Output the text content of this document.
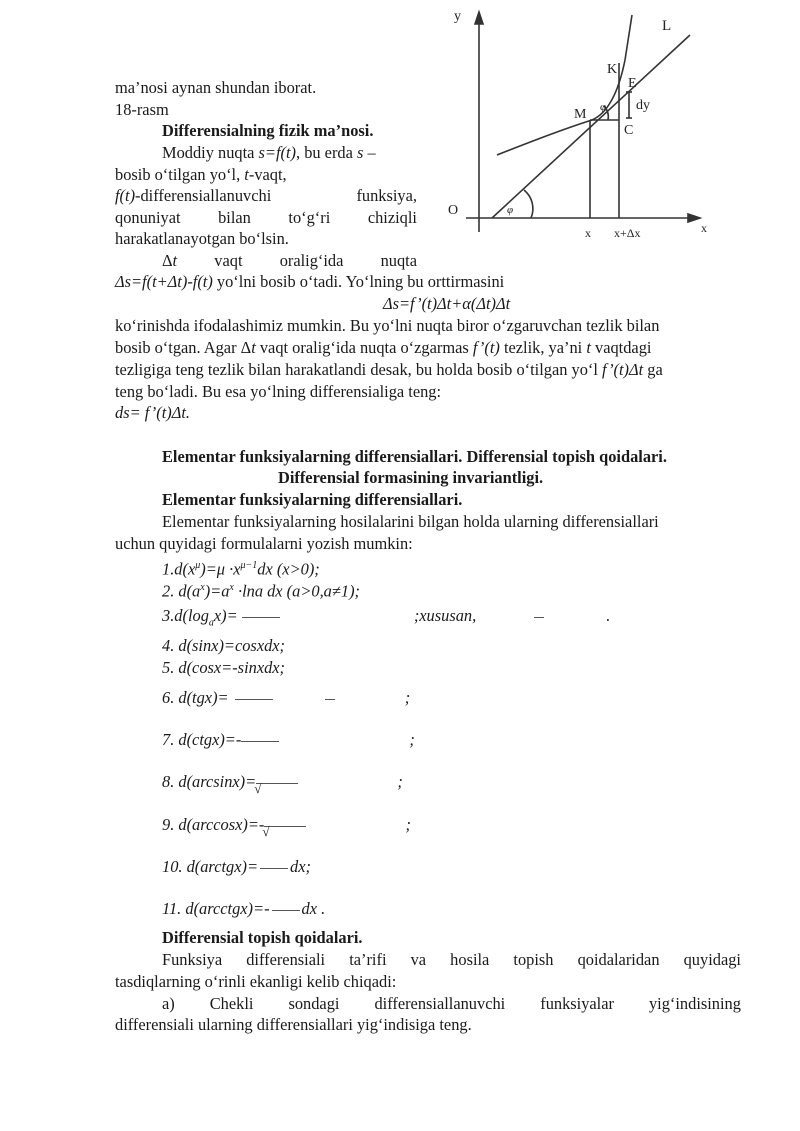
y
L
K
E
M φ dy
C
O	φ
x x+Δx	x
ma’nosi aynan shundan iborat.
18-rasm
Differensialning fizik ma’nosi.
Moddiy nuqta s=f(t), bu erda s –
bosib o‘tilgan yo‘l, t-vaqt,
f(t)-differensiallanuvchi	funksiya,
qonuniyat bilan to‘g‘ri chiziqli
harakatlanayotgan bo‘lsin.
Δt vaqt oralig‘ida nuqta
Δs=f(t+Δt)-f(t) yo‘lni bosib o‘tadi. Yo‘lning bu orttirmasini
Δs=f’(t)Δt+α(Δt)Δt
ko‘rinishda ifodalashimiz mumkin. Bu yo‘lni nuqta biror o‘zgaruvchan tezlik bilan
bosib o‘tgan. Agar Δt vaqt oralig‘ida nuqta o‘zgarmas f’(t) tezlik, ya’ni t vaqtdagi
tezligiga teng tezlik bilan harakatlandi desak, bu holda bosib o‘tilgan yo‘l f’(t)Δt ga
teng bo‘ladi. Bu esa yo‘lning differensialiga teng:
ds= f’(t)Δt.
Elementar funksiyalarning differensiallari. Differensial topish qoidalari.
Differensial formasining invariantligi.
Elementar funksiyalarning differensiallari.
Elementar funksiyalarning hosilalarini bilgan holda ularning differensiallari
uchun quyidagi formulalarni yozish mumkin:
$1.d(x^\mu)=\mu \cdot x^{\mu-1}dx$ (x>0);
2. $d(a^x)=a^x \cdot\ln a$ dx (a>0,a≠1);
$3.d(\log_ax)=$	;xususan,	.
4. d(sinx)=cosxdx;
5. d(cosx=-sinxdx;
6. d(tgx)=	;
7. d(ctgx)=-	;
8. $d(\arcsin x)=_√$	;
9. $d(\arccos x)=-_√$	;
10. d(arctgx)= dx;
11. d(arcctgx)=- dx .
Differensial topish qoidalari.
Funksiya differensiali ta’rifi va hosila topish qoidalaridan quyidagi
tasdiqlarning o‘rinli ekanligi kelib chiqadi:
a) Chekli sondagi differensiallanuvchi funksiyalar yig‘indisining
differensiali ularning differensiallari yig‘indisiga teng.
